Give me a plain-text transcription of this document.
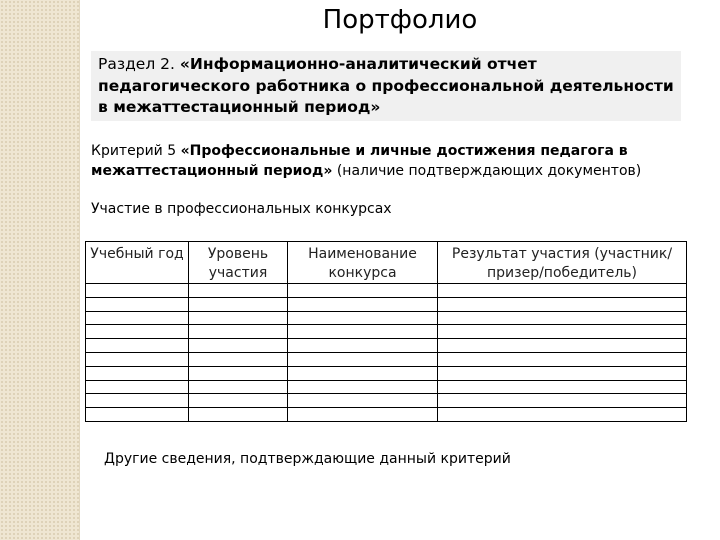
Портфолио
Раздел 2. «Информационно-аналитический отчет педагогического работника о профессиональной деятельности в межаттестационный период»
Критерий 5 «Профессиональные и личные достижения педагога в межаттестационный период» (наличие подтверждающих документов)
Участие в профессиональных конкурсах
Учебный год	Уровень участия	Наименование конкурса	Результат участия (участник/призер/победитель)

Другие сведения, подтверждающие данный критерий
